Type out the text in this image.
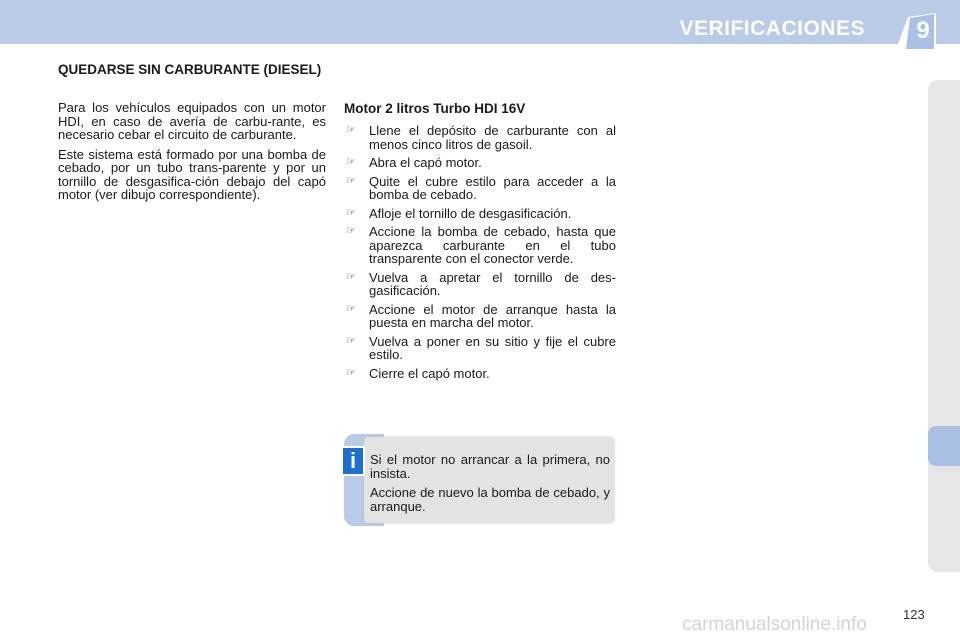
VERIFICACIONES 9
QUEDARSE SIN CARBURANTE (DIESEL)

Para los vehículos equipados con un motor HDI, en caso de avería de carbu-rante, es necesario cebar el circuito de carburante.

Este sistema está formado por una bomba de cebado, por un tubo trans-parente y por un tornillo de desgasifica-ción debajo del capó motor (ver dibujo correspondiente).

Motor 2 litros Turbo HDI 16V
☞ Llene el depósito de carburante con al menos cinco litros de gasoil.
☞ Abra el capó motor.
☞ Quite el cubre estilo para acceder a la bomba de cebado.
☞ Afloje el tornillo de desgasificación.
☞ Accione la bomba de cebado, hasta que aparezca carburante en el tubo transparente con el conector verde.
☞ Vuelva a apretar el tornillo de des-gasificación.
☞ Accione el motor de arranque hasta la puesta en marcha del motor.
☞ Vuelva a poner en su sitio y fije el cubre estilo.
☞ Cierre el capó motor.
i	Si el motor no arrancar a la primera, no insista.

Accione de nuevo la bomba de cebado, y arranque.

123
carmanualsonline.info
